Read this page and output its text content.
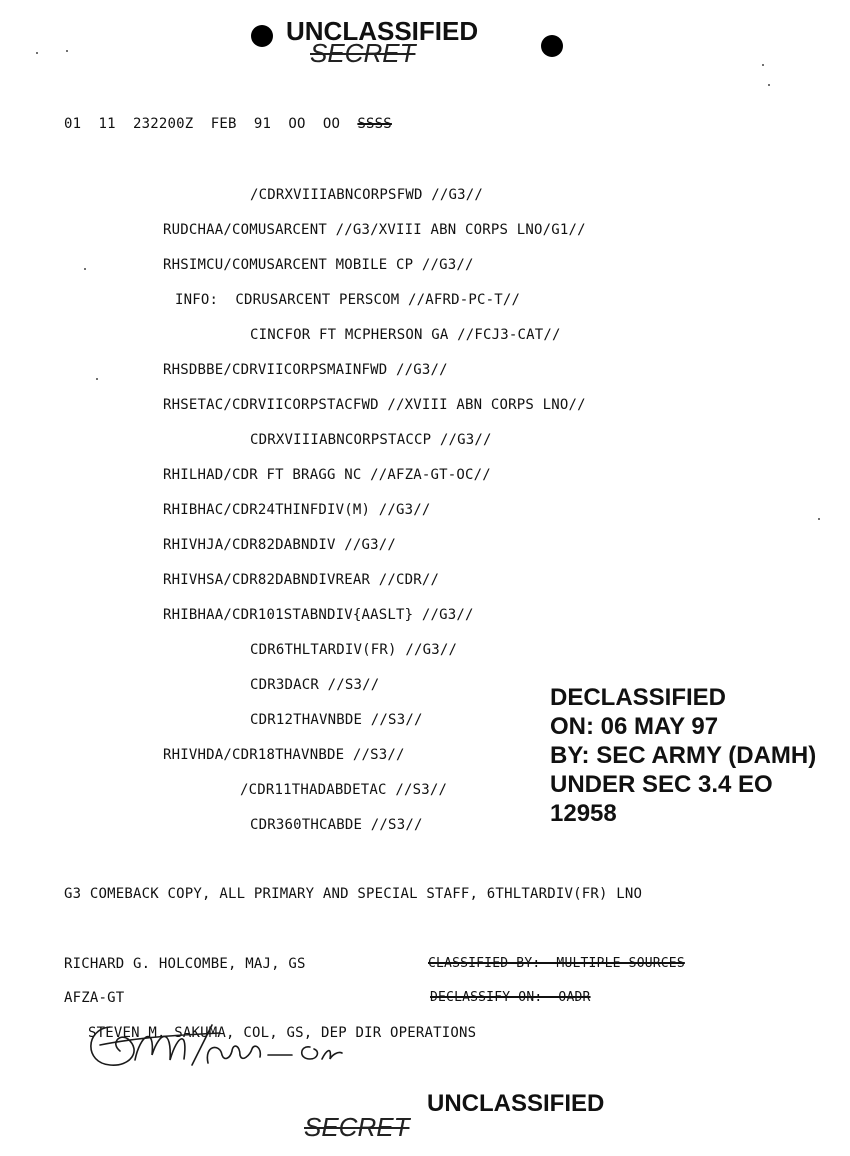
UNCLASSIFIED
SECRET
01  11  232200Z  FEB  91  OO  OO SSSS
/CDRXVIIIABNCORPSFWD //G3//
RUDCHAA/COMUSARCENT //G3/XVIII ABN CORPS LNO/G1//
RHSIMCU/COMUSARCENT MOBILE CP //G3//
INFO:  CDRUSARCENT PERSCOM //AFRD-PC-T//
CINCFOR FT MCPHERSON GA //FCJ3-CAT//
RHSDBBE/CDRVIICORPSMAINFWD //G3//
RHSETAC/CDRVIICORPSTACFWD //XVIII ABN CORPS LNO//
CDRXVIIIABNCORPSTACCP //G3//
RHILHAD/CDR FT BRAGG NC //AFZA-GT-OC//
RHIBHAC/CDR24THINFDIV(M) //G3//
RHIVHJA/CDR82DABNDIV //G3//
RHIVHSA/CDR82DABNDIVREAR //CDR//
RHIBHAA/CDR101STABNDIV{AASLT} //G3//
CDR6THLTARDIV(FR) //G3//
CDR3DACR //S3//
CDR12THAVNBDE //S3//
RHIVHDA/CDR18THAVNBDE //S3//
/CDR11THADABDETAC //S3//
CDR360THCABDE //S3//
DECLASSIFIED
ON: 06 MAY 97
BY: SEC ARMY (DAMH)
UNDER SEC 3.4 EO
12958
G3 COMEBACK COPY, ALL PRIMARY AND SPECIAL STAFF, 6THLTARDIV(FR) LNO
RICHARD G. HOLCOMBE, MAJ, GS	CLASSIFIED BY:  MULTIPLE SOURCES
AFZA-GT	DECLASSIFY ON:  OADR
STEVEN M. SAKUMA, COL, GS, DEP DIR OPERATIONS
UNCLASSIFIED
SECRET
